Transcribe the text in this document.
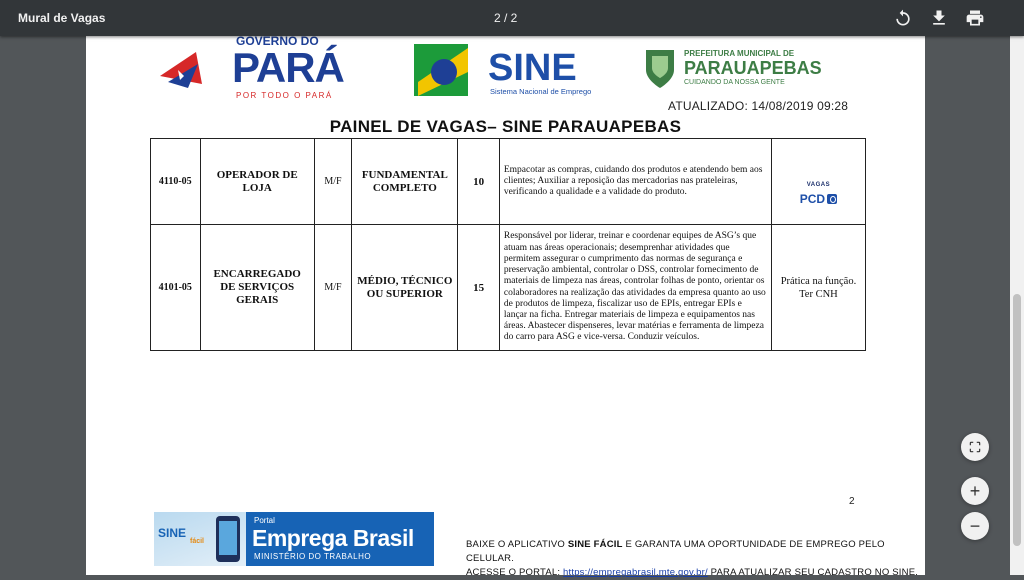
Mural de Vagas	2 / 2
GOVERNO DO
PARÁ
POR TODO O PARÁ
SINE
Sistema Nacional de Emprego
PREFEITURA MUNICIPAL DE
PARAUAPEBAS
CUIDANDO DA NOSSA GENTE
ATUALIZADO: 14/08/2019 09:28
PAINEL DE VAGAS– SINE PARAUAPEBAS
4110-05	OPERADOR DE LOJA	M/F	FUNDAMENTAL COMPLETO	10	Empacotar as compras, cuidando dos produtos e atendendo bem aos clientes; Auxiliar a reposição das mercadorias nas prateleiras, verificando a qualidade e a validade do produto.	VAGAS
PCD
4101-05	ENCARREGADO DE SERVIÇOS GERAIS	M/F	MÉDIO, TÉCNICO OU SUPERIOR	15	Responsável por liderar, treinar e coordenar equipes de ASG’s que atuam nas áreas operacionais; desemprenhar atividades que permitem assegurar o cumprimento das normas de segurança e preservação ambiental, controlar o DSS, controlar fornecimento de materiais de limpeza nas áreas, controlar folhas de ponto, orientar os colaboradores na realização das atividades da empresa quanto ao uso de produtos de limpeza, fiscalizar uso de EPIs, entregar EPIs e lançar na ficha. Entregar materiais de limpeza e equipamentos nas áreas. Abastecer dispenseres, levar matérias e ferramenta de limpeza do carro para ASG e vice-versa. Conduzir veículos.	Prática na função. Ter CNH
2
SINE
fácil
Portal
Emprega Brasil
MINISTÉRIO DO TRABALHO
BAIXE O APLICATIVO SINE FÁCIL E GARANTA UMA OPORTUNIDADE DE EMPREGO PELO CELULAR.
ACESSE O PORTAL: https://empregabrasil.mte.gov.br/ PARA ATUALIZAR SEU CADASTRO NO SINE.
+
−
